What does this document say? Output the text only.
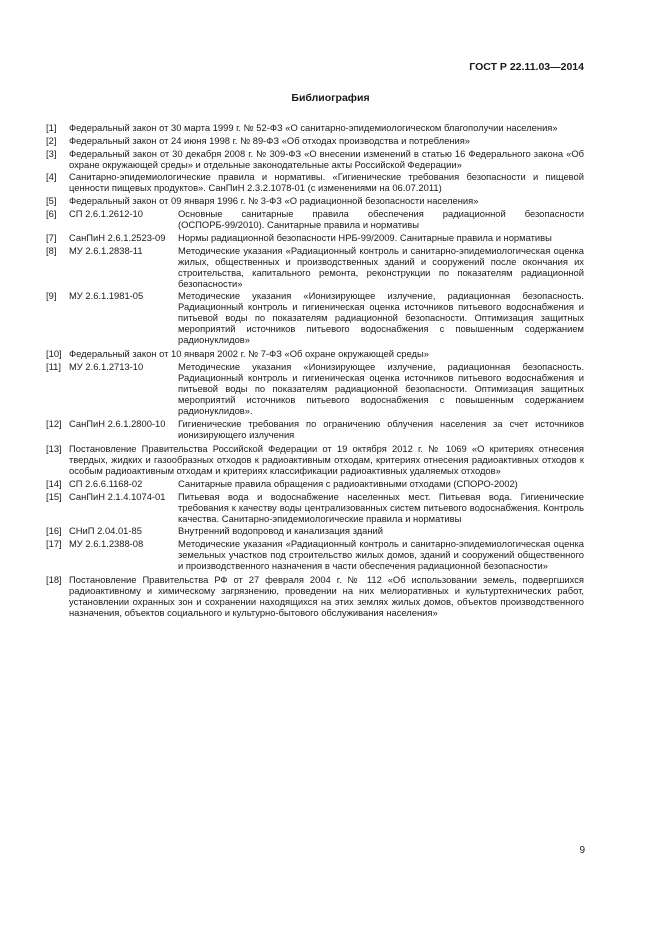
ГОСТ Р 22.11.03—2014
Библиография
[1]	Федеральный закон от 30 марта 1999 г. № 52-ФЗ «О санитарно-эпидемиологическом благополучии населения»
[2]	Федеральный закон от 24 июня 1998 г. № 89-ФЗ «Об отходах производства и потребления»
[3]	Федеральный закон от 30 декабря 2008 г. № 309-ФЗ «О внесении изменений в статью 16 Федерального закона «Об охране окружающей среды» и отдельные законодательные акты Российской Федерации»
[4]	Санитарно-эпидемиологические правила и нормативы. «Гигиенические требования безопасности и пищевой ценности пищевых продуктов». СанПиН 2.3.2.1078-01 (с изменениями на 06.07.2011)
[5]	Федеральный закон от 09 января 1996 г. № 3-ФЗ «О радиационной безопасности населения»
[6]	СП 2.6.1.2612-10	Основные санитарные правила обеспечения радиационной безопасности (ОСПОРБ-99/2010). Санитарные правила и нормативы
[7]	СанПиН 2.6.1.2523-09	Нормы радиационной безопасности НРБ-99/2009. Санитарные правила и нормативы
[8]	МУ 2.6.1.2838-11	Методические указания «Радиационный контроль и санитарно-эпидемиологическая оценка жилых, общественных и производственных зданий и сооружений после окончания их строительства, капитального ремонта, реконструкции по показателям радиационной безопасности»
[9]	МУ 2.6.1.1981-05	Методические указания «Ионизирующее излучение, радиационная безопасность. Радиационный контроль и гигиеническая оценка источников питьевого водоснабжения и питьевой воды по показателям радиационной безопасности. Оптимизация защитных мероприятий источников питьевого водоснабжения с повышенным содержанием радионуклидов»
[10] Федеральный закон от 10 января 2002 г. № 7-ФЗ «Об охране окружающей среды»
[11] МУ 2.6.1.2713-10	Методические указания «Ионизирующее излучение, радиационная безопасность. Радиационный контроль и гигиеническая оценка источников питьевого водоснабжения и питьевой воды по показателям радиационной безопасности. Оптимизация защитных мероприятий источников питьевого водоснабжения с повышенным содержанием радионуклидов».
[12] СанПиН 2.6.1.2800-10	Гигиенические требования по ограничению облучения населения за счет источников ионизирующего излучения
[13] Постановление Правительства Российской Федерации от 19 октября 2012 г. № 1069 «О критериях отнесения твердых, жидких и газообразных отходов к радиоактивным отходам, критериях отнесения радиоактивных отходов к особым радиоактивным отходам и критериях классификации радиоактивных удаляемых отходов»
[14] СП 2.6.6.1168-02	Санитарные правила обращения с радиоактивными отходами (СПОРО-2002)
[15] СанПиН 2.1.4.1074-01	Питьевая вода и водоснабжение населенных мест. Питьевая вода. Гигиенические требования к качеству воды централизованных систем питьевого водоснабжения. Контроль качества. Санитарно-эпидемиологические правила и нормативы
[16] СНиП 2.04.01-85	Внутренний водопровод и канализация зданий
[17] МУ 2.6.1.2388-08	Методические указания «Радиационный контроль и санитарно-эпидемиологическая оценка земельных участков под строительство жилых домов, зданий и сооружений общественного и производственного назначения в части обеспечения радиационной безопасности»
[18] Постановление Правительства РФ от 27 февраля 2004 г. № 112 «Об использовании земель, подвергшихся радиоактивному и химическому загрязнению, проведении на них мелиоративных и культуртехнических работ, установлении охранных зон и сохранении находящихся на этих землях жилых домов, объектов производственного назначения, объектов социального и культурно-бытового обслуживания населения»
9
